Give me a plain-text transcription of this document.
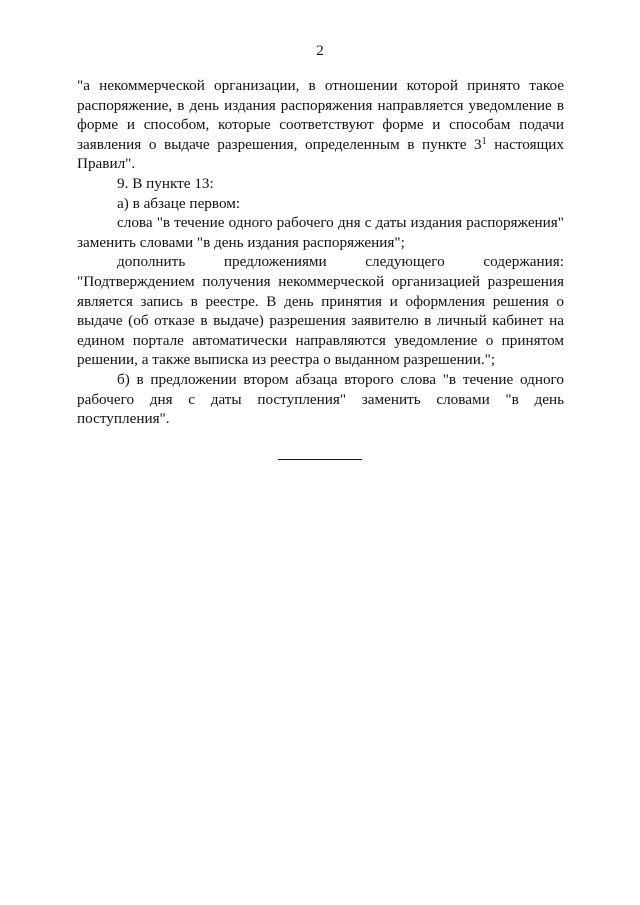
2

"а некоммерческой организации, в отношении которой принято такое распоряжение, в день издания распоряжения направляется уведомление в форме и способом, которые соответствуют форме и способам подачи заявления о выдаче разрешения, определенным в пункте $3^1$ настоящих Правил".

9. В пункте 13:

а) в абзаце первом:

слова "в течение одного рабочего дня с даты издания распоряжения" заменить словами "в день издания распоряжения";

дополнить	предложениями	следующего	содержания:

"Подтверждением получения некоммерческой организацией разрешения является запись в реестре. В день принятия и оформления решения о выдаче (об отказе в выдаче) разрешения заявителю в личный кабинет на едином портале автоматически направляются уведомление о принятом решении, а также выписка из реестра о выданном разрешении.";

б) в предложении втором абзаца второго слова "в течение одного рабочего дня с даты поступления" заменить словами "в день поступления".
